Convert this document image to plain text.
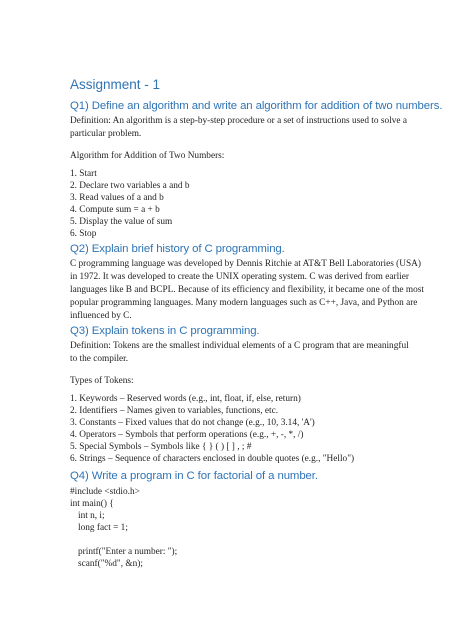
Assignment - 1
Q1) Define an algorithm and write an algorithm for addition of two numbers.
Definition: An algorithm is a step-by-step procedure or a set of instructions used to solve a
particular problem.
Algorithm for Addition of Two Numbers:
1. Start
2. Declare two variables a and b
3. Read values of a and b
4. Compute sum = a + b
5. Display the value of sum
6. Stop
Q2) Explain brief history of C programming.
C programming language was developed by Dennis Ritchie at AT&T Bell Laboratories (USA)
in 1972. It was developed to create the UNIX operating system. C was derived from earlier
languages like B and BCPL. Because of its efficiency and flexibility, it became one of the most
popular programming languages. Many modern languages such as C++, Java, and Python are
influenced by C.
Q3) Explain tokens in C programming.
Definition: Tokens are the smallest individual elements of a C program that are meaningful
to the compiler.
Types of Tokens:
1. Keywords – Reserved words (e.g., int, float, if, else, return)
2. Identifiers – Names given to variables, functions, etc.
3. Constants – Fixed values that do not change (e.g., 10, 3.14, 'A')
4. Operators – Symbols that perform operations (e.g., +, -, *, /)
5. Special Symbols – Symbols like { } ( ) [ ] , ; #
6. Strings – Sequence of characters enclosed in double quotes (e.g., "Hello")
Q4) Write a program in C for factorial of a number.
#include <stdio.h>
int main() {
int n, i;
long fact = 1;
printf("Enter a number: ");
scanf("%d", &n);
